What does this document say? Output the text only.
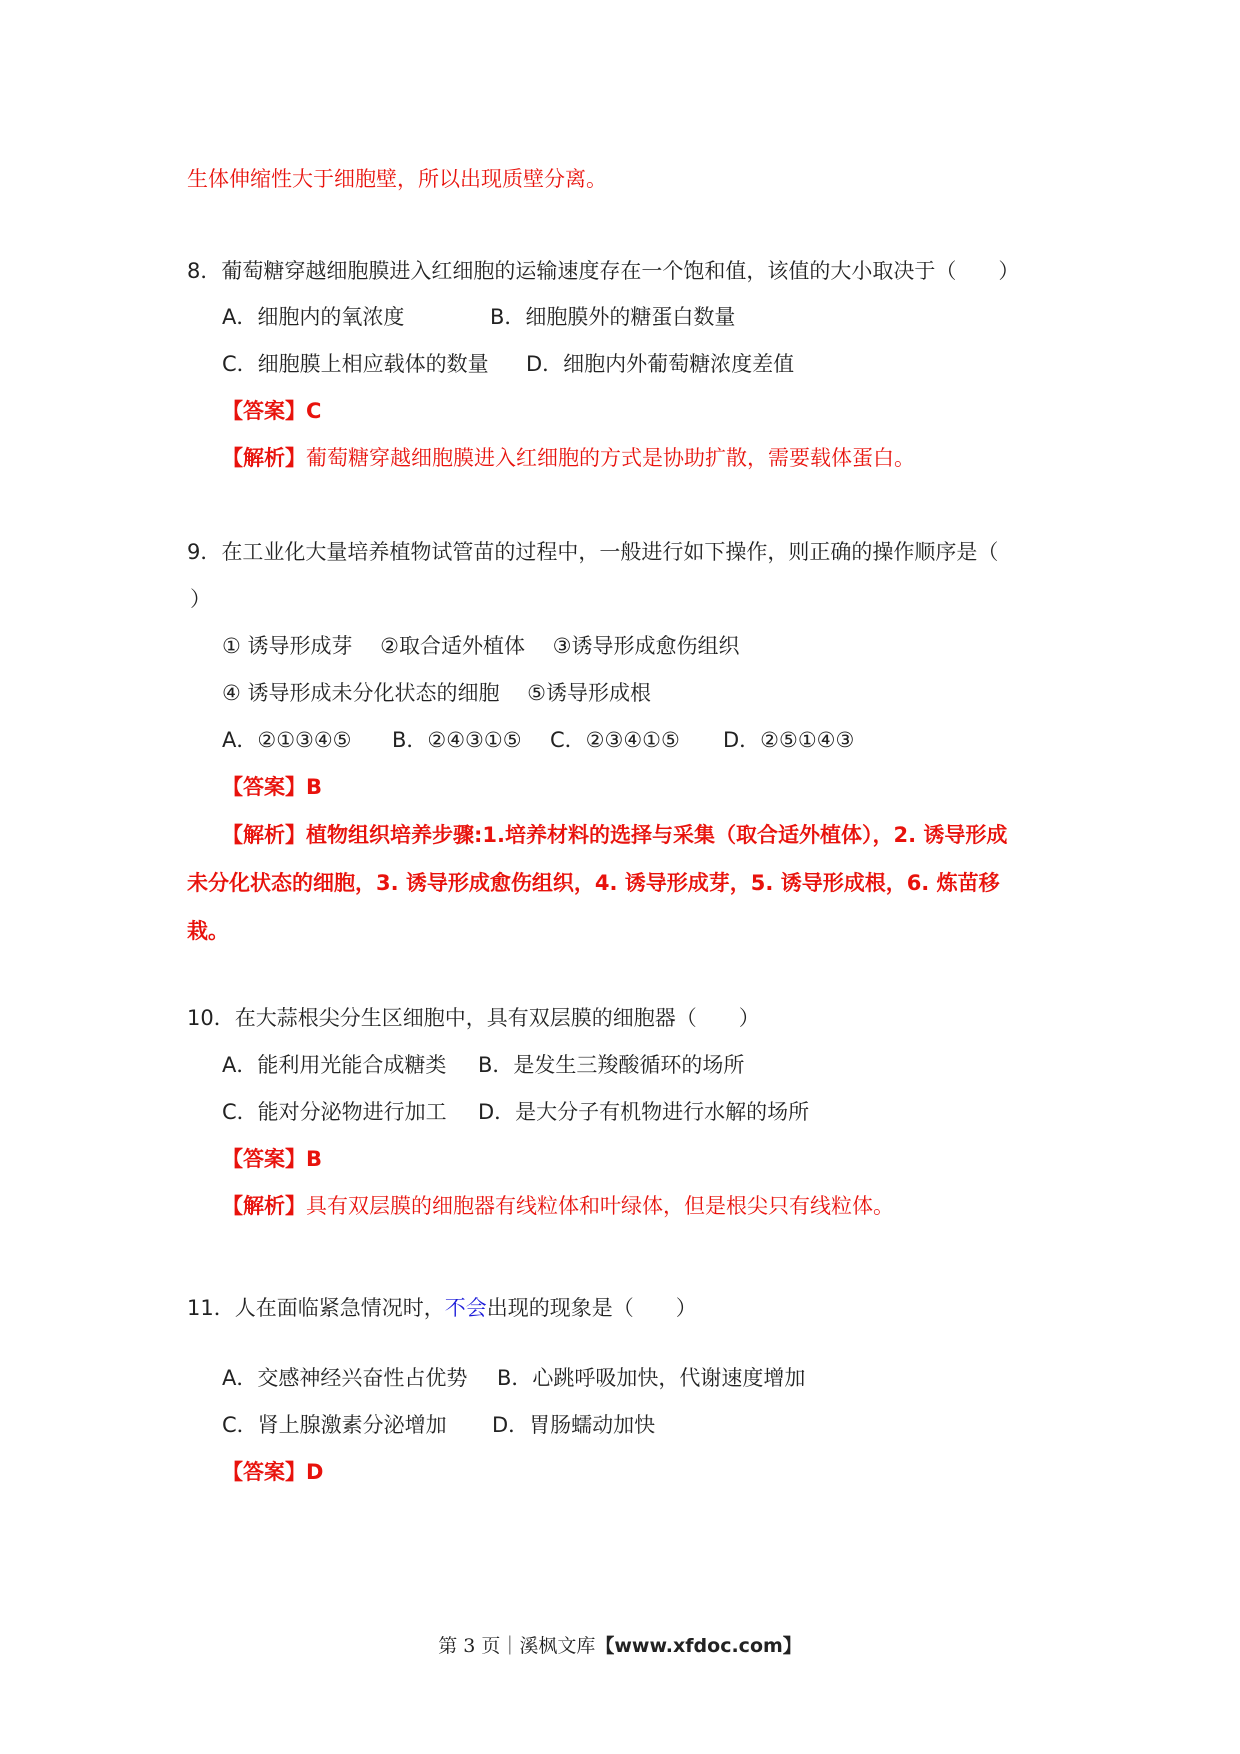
生体伸缩性大于细胞壁，所以出现质壁分离。
8．葡萄糖穿越细胞膜进入红细胞的运输速度存在一个饱和值，该值的大小取决于（　　）
A．细胞内的氧浓度	B．细胞膜外的糖蛋白数量
C．细胞膜上相应载体的数量 D．细胞内外葡萄糖浓度差值
【答案】C
【解析】葡萄糖穿越细胞膜进入红细胞的方式是协助扩散，需要载体蛋白。
9．在工业化大量培养植物试管苗的过程中，一般进行如下操作，则正确的操作顺序是（
）
① 诱导形成芽　 ②取合适外植体　 ③诱导形成愈伤组织
④ 诱导形成未分化状态的细胞　 ⑤诱导形成根
A．②①③④⑤ B．②④③①⑤ C．②③④①⑤ D．②⑤①④③
【答案】B
【解析】植物组织培养步骤:1.培养材料的选择与采集（取合适外植体），2. 诱导形成
未分化状态的细胞，3. 诱导形成愈伤组织，4. 诱导形成芽，5. 诱导形成根，6. 炼苗移
栽。
10．在大蒜根尖分生区细胞中，具有双层膜的细胞器（　　）
A．能利用光能合成糖类 B．是发生三羧酸循环的场所
C．能对分泌物进行加工 D．是大分子有机物进行水解的场所
【答案】B
【解析】具有双层膜的细胞器有线粒体和叶绿体，但是根尖只有线粒体。
11．人在面临紧急情况时，不会出现的现象是（　　）
A．交感神经兴奋性占优势 B．心跳呼吸加快，代谢速度增加
C．肾上腺激素分泌增加 D．胃肠蠕动加快
【答案】D
第 3 页｜溪枫文库【www.xfdoc.com】
